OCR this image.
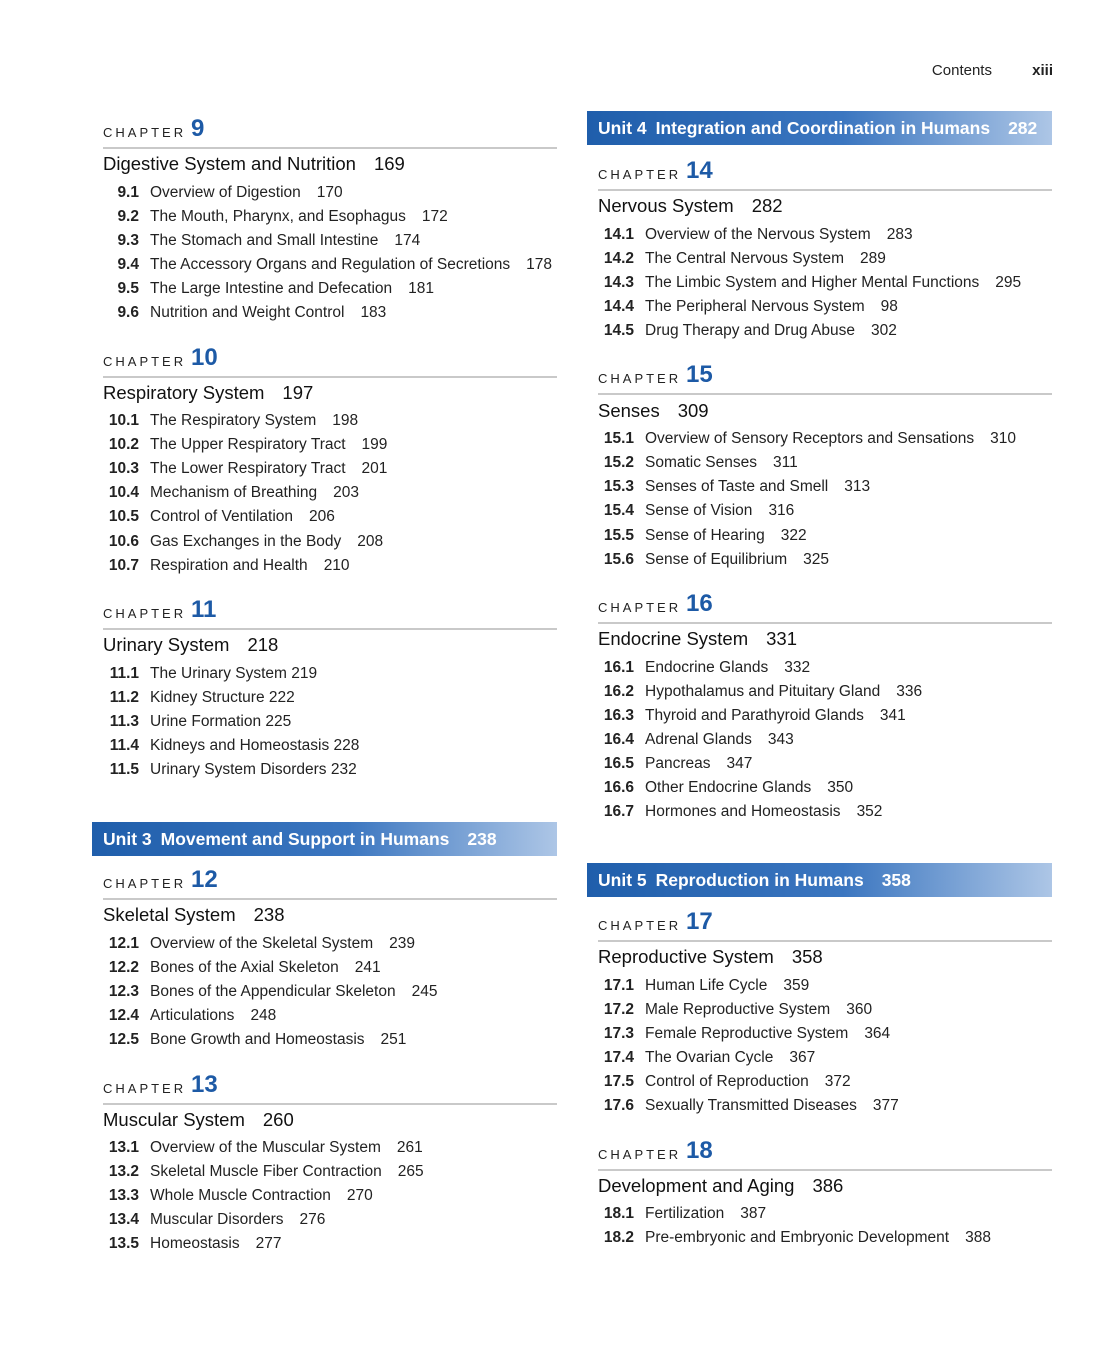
Contents	xiii
CHAPTER 9
Digestive System and Nutrition 169
9.1 Overview of Digestion 170
9.2 The Mouth, Pharynx, and Esophagus 172
9.3 The Stomach and Small Intestine 174
9.4 The Accessory Organs and Regulation of Secretions 178
9.5 The Large Intestine and Defecation 181
9.6 Nutrition and Weight Control 183
CHAPTER 10
Respiratory System 197
10.1 The Respiratory System 198
10.2 The Upper Respiratory Tract 199
10.3 The Lower Respiratory Tract 201
10.4 Mechanism of Breathing 203
10.5 Control of Ventilation 206
10.6 Gas Exchanges in the Body 208
10.7 Respiration and Health 210
CHAPTER 11
Urinary System 218
11.1 The Urinary System 219
11.2 Kidney Structure 222
11.3 Urine Formation 225
11.4 Kidneys and Homeostasis 228
11.5 Urinary System Disorders 232
Unit 3 Movement and Support in Humans 238
CHAPTER 12
Skeletal System 238
12.1 Overview of the Skeletal System 239
12.2 Bones of the Axial Skeleton 241
12.3 Bones of the Appendicular Skeleton 245
12.4 Articulations 248
12.5 Bone Growth and Homeostasis 251
CHAPTER 13
Muscular System 260
13.1 Overview of the Muscular System 261
13.2 Skeletal Muscle Fiber Contraction 265
13.3 Whole Muscle Contraction 270
13.4 Muscular Disorders 276
13.5 Homeostasis 277
Unit 4 Integration and Coordination in Humans 282
CHAPTER 14
Nervous System 282
14.1 Overview of the Nervous System 283
14.2 The Central Nervous System 289
14.3 The Limbic System and Higher Mental Functions 295
14.4 The Peripheral Nervous System 98
14.5 Drug Therapy and Drug Abuse 302
CHAPTER 15
Senses 309
15.1 Overview of Sensory Receptors and Sensations 310
15.2 Somatic Senses 311
15.3 Senses of Taste and Smell 313
15.4 Sense of Vision 316
15.5 Sense of Hearing 322
15.6 Sense of Equilibrium 325
CHAPTER 16
Endocrine System 331
16.1 Endocrine Glands 332
16.2 Hypothalamus and Pituitary Gland 336
16.3 Thyroid and Parathyroid Glands 341
16.4 Adrenal Glands 343
16.5 Pancreas 347
16.6 Other Endocrine Glands 350
16.7 Hormones and Homeostasis 352
Unit 5 Reproduction in Humans 358
CHAPTER 17
Reproductive System 358
17.1 Human Life Cycle 359
17.2 Male Reproductive System 360
17.3 Female Reproductive System 364
17.4 The Ovarian Cycle 367
17.5 Control of Reproduction 372
17.6 Sexually Transmitted Diseases 377
CHAPTER 18
Development and Aging 386
18.1 Fertilization 387
18.2 Pre-embryonic and Embryonic Development 388
